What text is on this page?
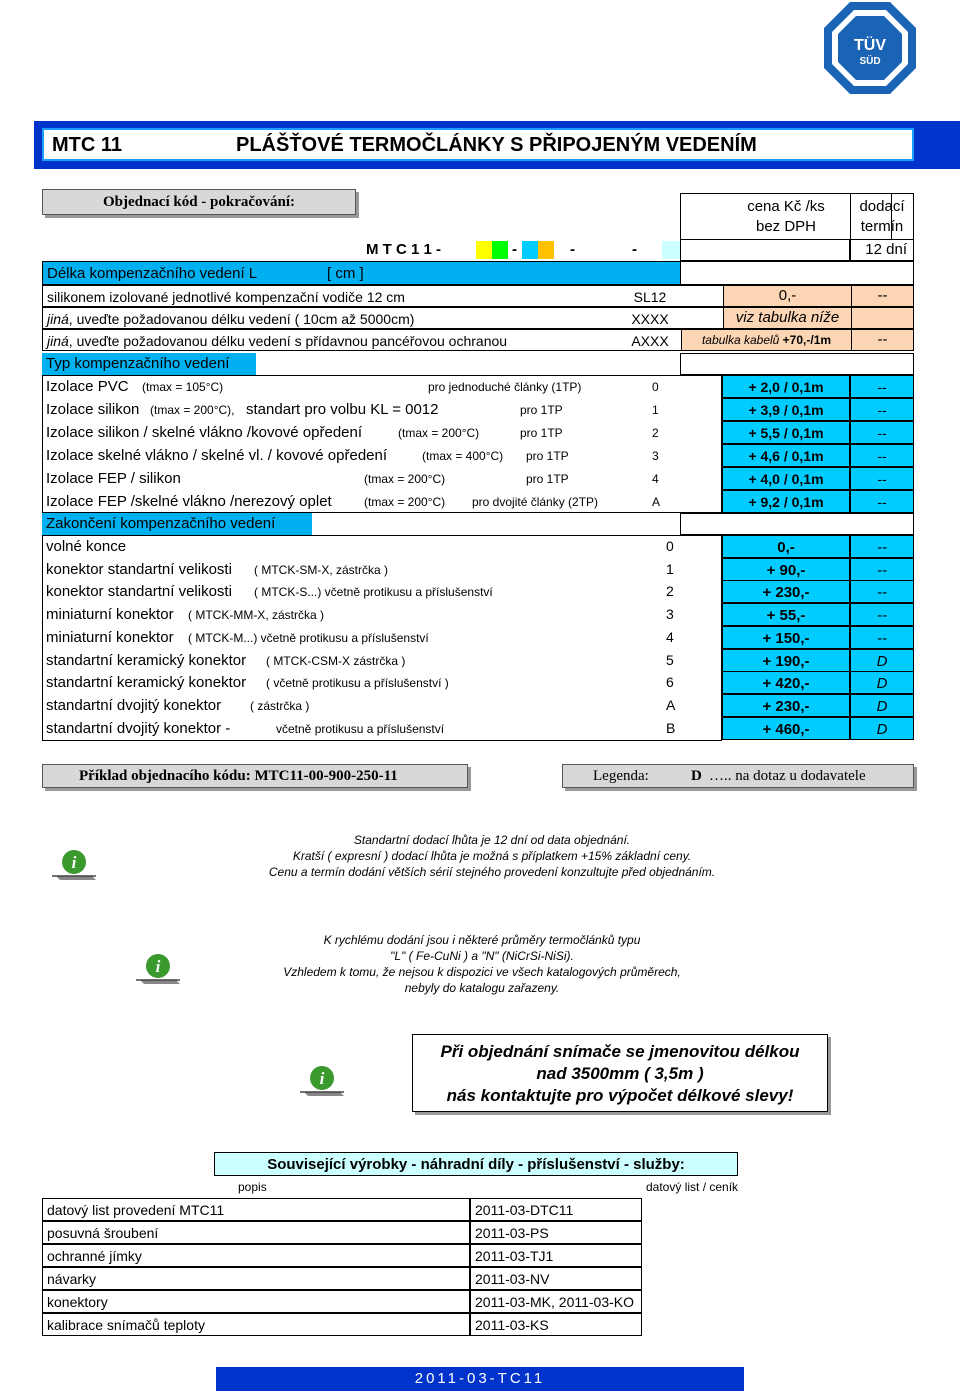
TÜV
SÜD
MTC 11	PLÁŠŤOVÉ TERMOČLÁNKY S PŘIPOJENÝM VEDENÍM
Objednací kód - pokračování:	cena Kč /ks
bez DPH
dodací
termín
M T C 1 1 -	-	-	-	12 dní
Délka kompenzačního vedení L	[ cm ]
silikonem izolované jednotlivé kompenzační vodiče 12 cm	SL12	0,-	--
jiná, uveďte požadovanou délku vedení ( 10cm až 5000cm)	XXXX	viz tabulka níže
jiná, uveďte požadovanou délku vedení s přídavnou pancéřovou ochranou	AXXX	tabulka kabelů +70,-/1m	--
Typ kompenzačního vedení
Izolace PVC (tmax = 105°C)	pro jednoduché články (1TP)	0	+ 2,0 / 0,1m	--
Izolace silikon (tmax = 200°C), standart pro volbu KL = 0012	pro 1TP	1	+ 3,9 / 0,1m	--
Izolace silikon / skelné vlákno /kovové opředení	(tmax = 200°C)	pro 1TP	2	+ 5,5 / 0,1m	--
Izolace skelné vlákno / skelné vl. / kovové opředení	(tmax = 400°C) pro 1TP	3	+ 4,6 / 0,1m	--
Izolace FEP / silikon	(tmax = 200°C)	pro 1TP	4	+ 4,0 / 0,1m	--
Izolace FEP /skelné vlákno /nerezový oplet	(tmax = 200°C) pro dvojité články (2TP)	A	+ 9,2 / 0,1m	--
Zakončení kompenzačního vedení
volné konce	0	0,-	--
konektor standartní velikosti ( MTCK-SM-X, zástrčka )	1	+ 90,-	--
konektor standartní velikosti ( MTCK-S...) včetně protikusu a příslušenství	2	+ 230,-	--
miniaturní konektor ( MTCK-MM-X, zástrčka )	3	+ 55,-	--
miniaturní konektor ( MTCK-M...) včetně protikusu a příslušenství	4	+ 150,-	--
standartní keramický konektor ( MTCK-CSM-X zástrčka )	5	+ 190,-	D
standartní keramický konektor ( včetně protikusu a příslušenství )	6	+ 420,-	D
standartní dvojitý konektor ( zástrčka )	A	+ 230,-	D
standartní dvojitý konektor -	včetně protikusu a příslušenství	B	+ 460,-	D
Příklad objednacího kódu: MTC11-00-900-250-11	Legenda:	D ….. na dotaz u dodavatele
i
Standartní dodací lhůta je 12 dní od data objednání.
Kratší ( expresní ) dodací lhůta je možná s příplatkem +15% základní ceny.
Cenu a termín dodání větších sérií stejného provedení konzultujte před objednáním.
i
K rychlému dodání jsou i některé průměry termočlánků typu
"L" ( Fe-CuNi ) a "N" (NiCrSi-NiSi).
Vzhledem k tomu, že nejsou k dispozici ve všech katalogových průměrech,
nebyly do katalogu zařazeny.
i
Při objednání snímače se jmenovitou délkou
nad 3500mm ( 3,5m )
nás kontaktujte pro výpočet délkové slevy!
Související výrobky - náhradní díly - příslušenství - služby:
popis	datový list / ceník
datový list provedení MTC11	2011-03-DTC11
posuvná šroubení	2011-03-PS
ochranné jímky	2011-03-TJ1
návarky	2011-03-NV
konektory	2011-03-MK, 2011-03-KO
kalibrace snímačů teploty	2011-03-KS
2011-03-TC11
